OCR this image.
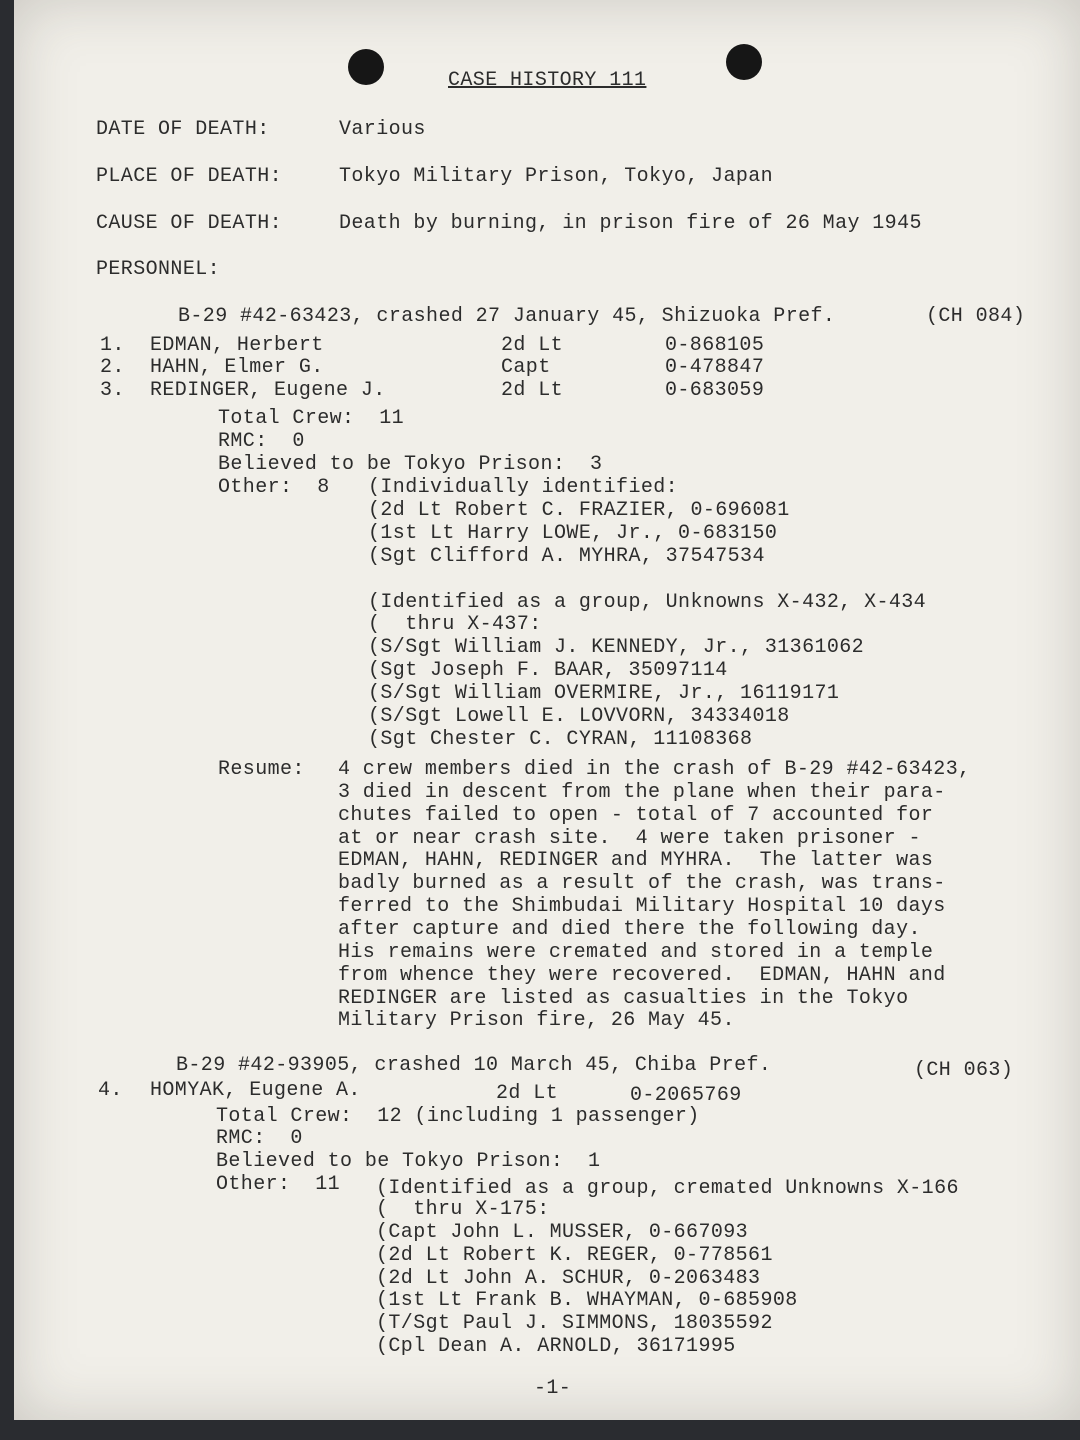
CASE HISTORY 111
DATE OF DEATH:	Various
PLACE OF DEATH:	Tokyo Military Prison, Tokyo, Japan
CAUSE OF DEATH:	Death by burning, in prison fire of 26 May 1945
PERSONNEL:
B-29 #42-63423, crashed 27 January 45, Shizuoka Pref.	(CH 084)
1. EDMAN, Herbert	2d Lt	0-868105
2. HAHN, Elmer G.	Capt	0-478847
3. REDINGER, Eugene J.	2d Lt	0-683059
Total Crew:  11
RMC:  0
Believed to be Tokyo Prison:  3
Other:  8 (Individually identified:
(2d Lt Robert C. FRAZIER, 0-696081
(1st Lt Harry LOWE, Jr., 0-683150
(Sgt Clifford A. MYHRA, 37547534
(Identified as a group, Unknowns X-432, X-434
(  thru X-437:
(S/Sgt William J. KENNEDY, Jr., 31361062
(Sgt Joseph F. BAAR, 35097114
(S/Sgt William OVERMIRE, Jr., 16119171
(S/Sgt Lowell E. LOVVORN, 34334018
(Sgt Chester C. CYRAN, 11108368
Resume: 4 crew members died in the crash of B-29 #42-63423,
3 died in descent from the plane when their para-
chutes failed to open - total of 7 accounted for
at or near crash site.  4 were taken prisoner -
EDMAN, HAHN, REDINGER and MYHRA.  The latter was
badly burned as a result of the crash, was trans-
ferred to the Shimbudai Military Hospital 10 days
after capture and died there the following day.
His remains were cremated and stored in a temple
from whence they were recovered.  EDMAN, HAHN and
REDINGER are listed as casualties in the Tokyo
Military Prison fire, 26 May 45.
B-29 #42-93905, crashed 10 March 45, Chiba Pref.	(CH 063)
4. HOMYAK, Eugene A.	2d Lt	0-2065769
Total Crew:  12 (including 1 passenger)
RMC:  0
Believed to be Tokyo Prison:  1
Other:  11 (Identified as a group, cremated Unknowns X-166
(  thru X-175:
(Capt John L. MUSSER, 0-667093
(2d Lt Robert K. REGER, 0-778561
(2d Lt John A. SCHUR, 0-2063483
(1st Lt Frank B. WHAYMAN, 0-685908
(T/Sgt Paul J. SIMMONS, 18035592
(Cpl Dean A. ARNOLD, 36171995
-1-
